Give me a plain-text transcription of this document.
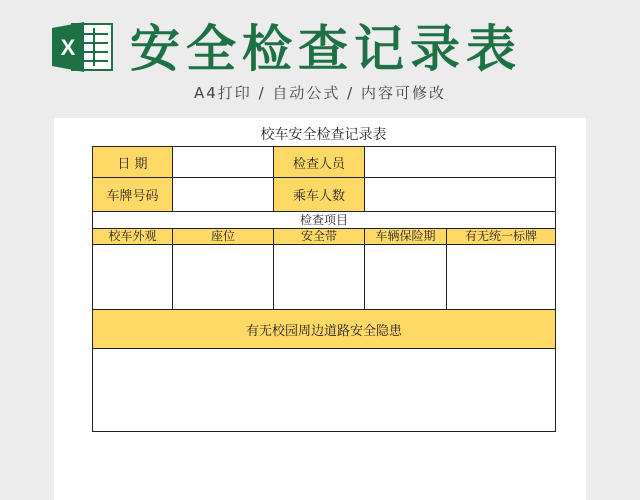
X 安全检查记录表
A4打印 / 自动公式 / 内容可修改
校车安全检查记录表
日 期		检查人员		
车牌号码		乘车人数		
检查项目				
校车外观	座位	安全带	车辆保险期	有无统一标牌

有无校园周边道路安全隐患				
